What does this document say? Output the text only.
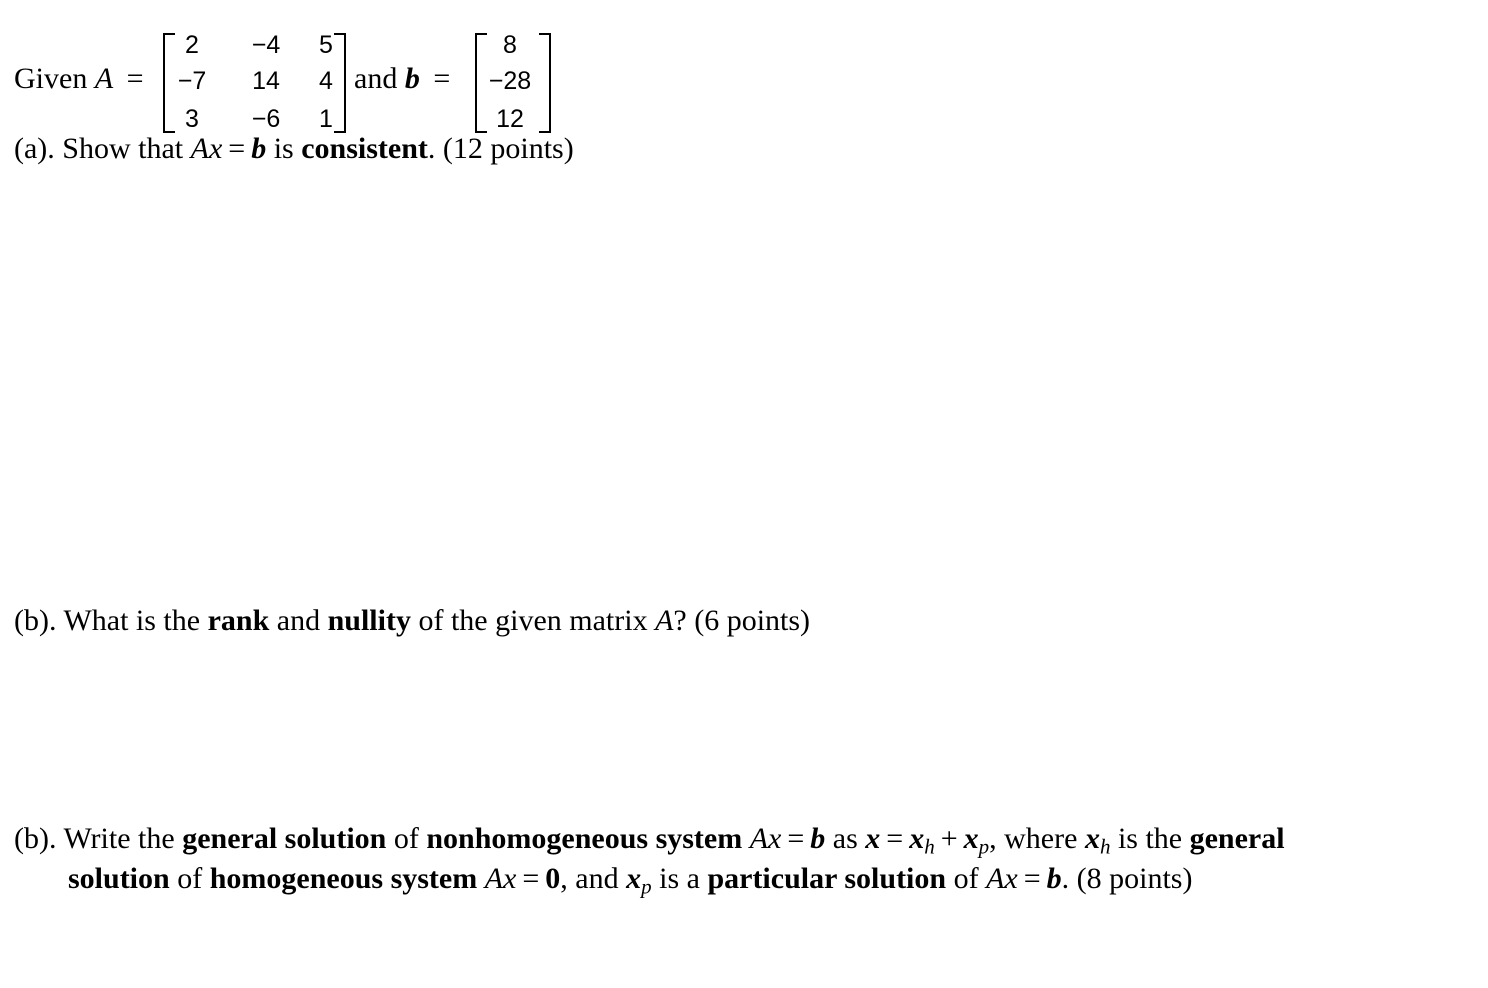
Given A =
2	−4	5
−7	14	4
3	−6	1
and b =
8
−28
12
(a). Show that Ax = b is consistent. (12 points)
(b). What is the rank and nullity of the given matrix A? (6 points)
(b). Write the general solution of nonhomogeneous system Ax = b as $x = x_h + x_p$, where $x_h$ is the general
solution of homogeneous system Ax = 0, and $x_p$ is a particular solution of Ax = b. (8 points)
